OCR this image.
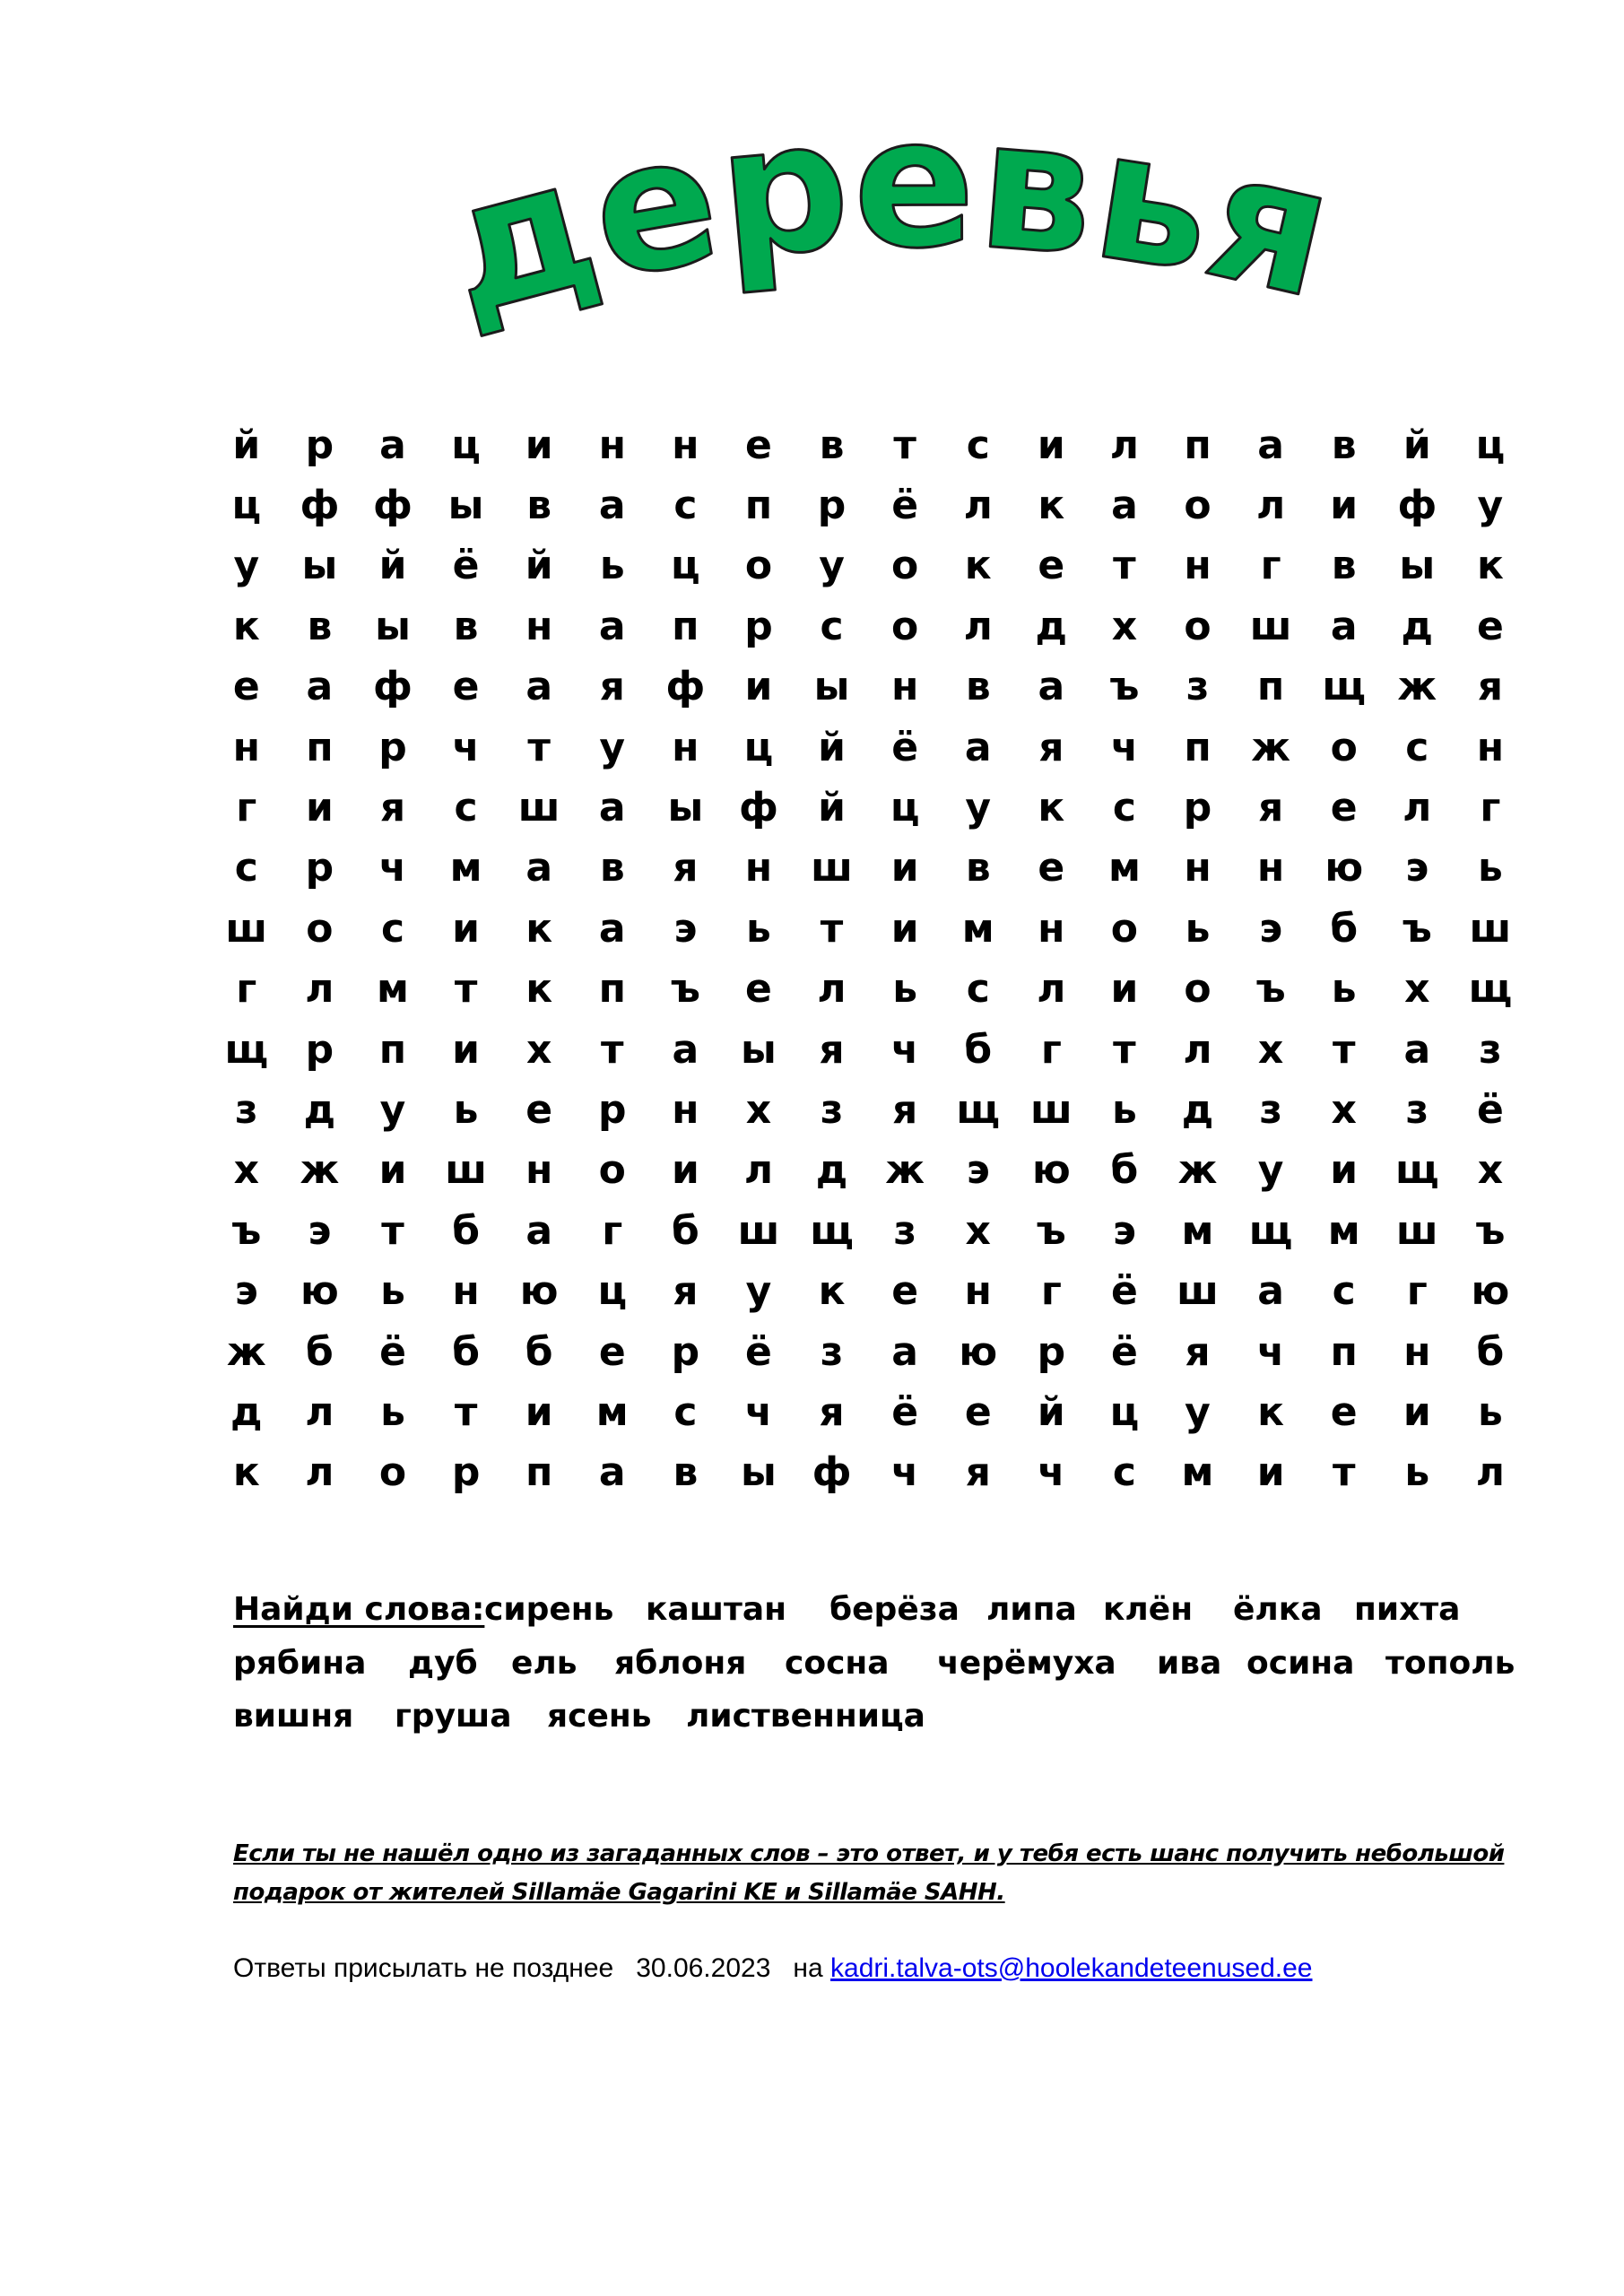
деревья
й	р	а	ц	и	н	н	е	в	т	с	и	л	п	а	в	й	ц
ц ф ф ы	в	а	с	п	р	ё	л	к	а	о	л	и	ф	у
у	ы	й	ё	й	ь	ц	о	у	о	к	е	т	н	г	в	ы	к
к	в	ы	в	н	а	п	р	с	о	л	д	х	о ш а	д	е
е	а	ф	е	а	я	ф	и	ы	н	в	а	ъ	з	п щ ж	я
н	п	р	ч	т	у	н	ц	й	ё	а	я	ч	п	ж	о	с	н
г	и	я	с	ш а	ы ф	й	ц	у	к	с	р	я	е	л	г
с	р	ч	м	а	в	я	н ш и	в	е	м	н	н	ю	э	ь
ш о	с	и	к	а	э	ь	т	и	м	н	о	ь	э	б	ъ ш
г	л	м	т	к	п	ъ	е	л	ь	с	л	и	о	ъ	ь	х щ
щ р	п	и	х	т	а	ы	я	ч	б	г	т	л	х	т	а	з
з	д	у	ь	е	р	н	х	з	я щ ш	ь	д	з	х	з	ё
х	ж	и ш н	о	и	л	д ж	э	ю	б	ж	у	и щ х
ъ	э	т	б	а	г	б ш щ	з	х	ъ	э	м щ м ш ъ
э	ю	ь	н	ю ц	я	у	к	е	н	г	ё ш а	с	г	ю
ж	б	ё	б	б	е	р	ё	з	а	ю	р	ё	я	ч	п	н	б
д	л	ь	т	и	м	с	ч	я	ё	е	й	ц	у	к	е	и	ь
к	л	о	р	п	а	в	ы ф	ч	я	ч	с	м	и	т	ь	л
Найди слова: сирень каштан берёза липа клён ёлка пихта
рябина дуб ель яблоня сосна черёмуха ива осина тополь
вишня груша ясень лиственница
Если ты не нашёл одно из загаданных слов – это ответ, и у тебя есть шанс получить небольшой
подарок от жителей Sillamäe Gagarini KE и Sillamäe SAHH.
Ответы присылать не позднее 30.06.2023 на kadri.talva-ots@hoolekandeteenused.ee
